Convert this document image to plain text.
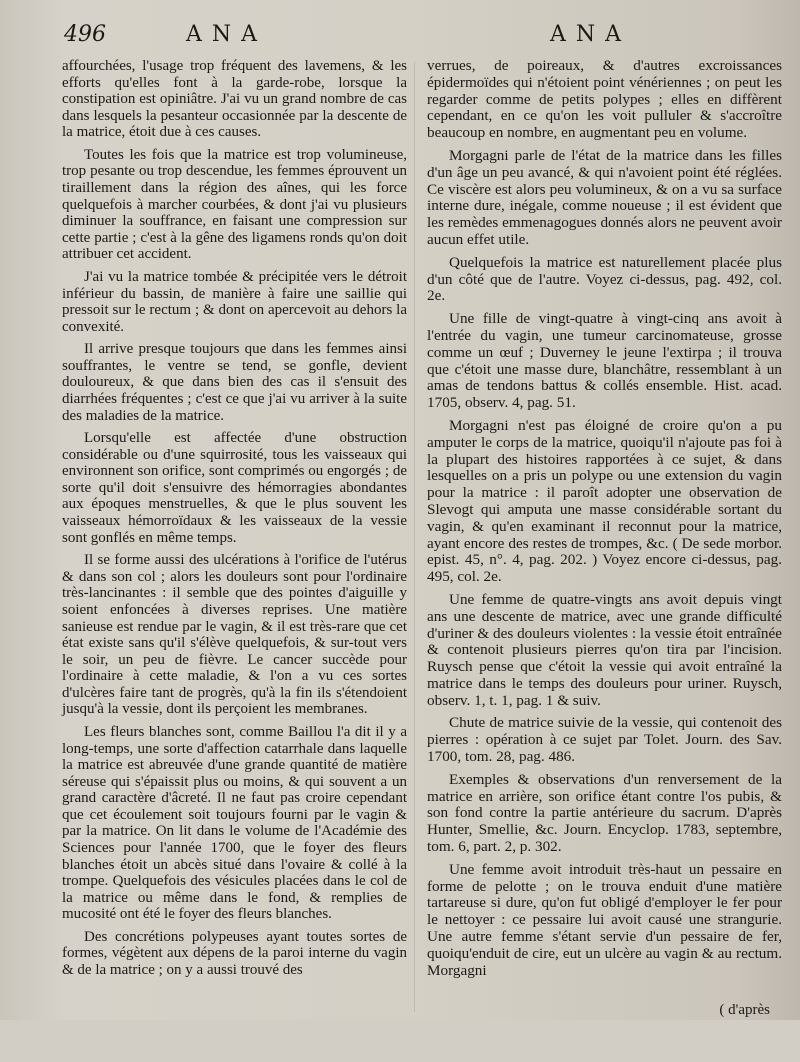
496	ANA	ANA

affourchées, l'usage trop fréquent des lavemens, & les efforts qu'elles font à la garde-robe, lorsque la constipation est opiniâtre. J'ai vu un grand nombre de cas dans lesquels la pesanteur occasionnée par la descente de la matrice, étoit due à ces causes.

Toutes les fois que la matrice est trop volumineuse, trop pesante ou trop descendue, les femmes éprouvent un tiraillement dans la région des aînes, qui les force quelquefois à marcher courbées, & dont j'ai vu plusieurs diminuer la souffrance, en faisant une compression sur cette partie ; c'est à la gêne des ligamens ronds qu'on doit attribuer cet accident.

J'ai vu la matrice tombée & précipitée vers le détroit inférieur du bassin, de manière à faire une saillie qui pressoit sur le rectum ; & dont on apercevoit au dehors la convexité.

Il arrive presque toujours que dans les femmes ainsi souffrantes, le ventre se tend, se gonfle, devient douloureux, & que dans bien des cas il s'ensuit des diarrhées fréquentes ; c'est ce que j'ai vu arriver à la suite des maladies de la matrice.

Lorsqu'elle est affectée d'une obstruction considérable ou d'une squirrosité, tous les vaisseaux qui environnent son orifice, sont comprimés ou engorgés ; de sorte qu'il doit s'ensuivre des hémorragies abondantes aux époques menstruelles, & que le plus souvent les vaisseaux hémorroïdaux & les vaisseaux de la vessie sont gonflés en même temps.

Il se forme aussi des ulcérations à l'orifice de l'utérus & dans son col ; alors les douleurs sont pour l'ordinaire très-lancinantes : il semble que des pointes d'aiguille y soient enfoncées à diverses reprises. Une matière sanieuse est rendue par le vagin, & il est très-rare que cet état existe sans qu'il s'élève quelquefois, & sur-tout vers le soir, un peu de fièvre. Le cancer succède pour l'ordinaire à cette maladie, & l'on a vu ces sortes d'ulcères faire tant de progrès, qu'à la fin ils s'étendoient jusqu'à la vessie, dont ils perçoient les membranes.

Les fleurs blanches sont, comme Baillou l'a dit il y a long-temps, une sorte d'affection catarrhale dans laquelle la matrice est abreuvée d'une grande quantité de matière séreuse qui s'épaissit plus ou moins, & qui souvent a un grand caractère d'âcreté. Il ne faut pas croire cependant que cet écoulement soit toujours fourni par le vagin & par la matrice. On lit dans le volume de l'Académie des Sciences pour l'année 1700, que le foyer des fleurs blanches étoit un abcès situé dans l'ovaire & collé à la trompe. Quelquefois des vésicules placées dans le col de la matrice ou même dans le fond, & remplies de mucosité ont été le foyer des fleurs blanches.

Des concrétions polypeuses ayant toutes sortes de formes, végètent aux dépens de la paroi interne du vagin & de la matrice ; on y a aussi trouvé des

verrues, de poireaux, & d'autres excroissances épidermoïdes qui n'étoient point vénériennes ; on peut les regarder comme de petits polypes ; elles en diffèrent cependant, en ce qu'on les voit pulluler & s'accroître beaucoup en nombre, en augmentant peu en volume.

Morgagni parle de l'état de la matrice dans les filles d'un âge un peu avancé, & qui n'avoient point été réglées. Ce viscère est alors peu volumineux, & on a vu sa surface interne dure, inégale, comme noueuse ; il est évident que les remèdes emmenagogues donnés alors ne peuvent avoir aucun effet utile.

Quelquefois la matrice est naturellement placée plus d'un côté que de l'autre. Voyez ci-dessus, pag. 492, col. 2e.

Une fille de vingt-quatre à vingt-cinq ans avoit à l'entrée du vagin, une tumeur carcinomateuse, grosse comme un œuf ; Duverney le jeune l'extirpa ; il trouva que c'étoit une masse dure, blanchâtre, ressemblant à un amas de tendons battus & collés ensemble. Hist. acad. 1705, observ. 4, pag. 51.

Morgagni n'est pas éloigné de croire qu'on a pu amputer le corps de la matrice, quoiqu'il n'ajoute pas foi à la plupart des histoires rapportées à ce sujet, & dans lesquelles on a pris un polype ou une extension du vagin pour la matrice : il paroît adopter une observation de Slevogt qui amputa une masse considérable sortant du vagin, & qu'en examinant il reconnut pour la matrice, ayant encore des restes de trompes, &c. ( De sede morbor. epist. 45, n°. 4, pag. 202. ) Voyez encore ci-dessus, pag. 495, col. 2e.

Une femme de quatre-vingts ans avoit depuis vingt ans une descente de matrice, avec une grande difficulté d'uriner & des douleurs violentes : la vessie étoit entraînée & contenoit plusieurs pierres qu'on tira par l'incision. Ruysch pense que c'étoit la vessie qui avoit entraîné la matrice dans le temps des douleurs pour uriner. Ruysch, observ. 1, t. 1, pag. 1 & suiv.

Chute de matrice suivie de la vessie, qui contenoit des pierres : opération à ce sujet par Tolet. Journ. des Sav. 1700, tom. 28, pag. 486.

Exemples & observations d'un renversement de la matrice en arrière, son orifice étant contre l'os pubis, & son fond contre la partie antérieure du sacrum. D'après Hunter, Smellie, &c. Journ. Encyclop. 1783, septembre, tom. 6, part. 2, p. 302.

Une femme avoit introduit très-haut un pessaire en forme de pelotte ; on le trouva enduit d'une matière tartareuse si dure, qu'on fut obligé d'employer le fer pour le nettoyer : ce pessaire lui avoit causé une strangurie. Une autre femme s'étant servie d'un pessaire de fer, quoiqu'enduit de cire, eut un ulcère au vagin & au rectum. Morgagni

( d'après
